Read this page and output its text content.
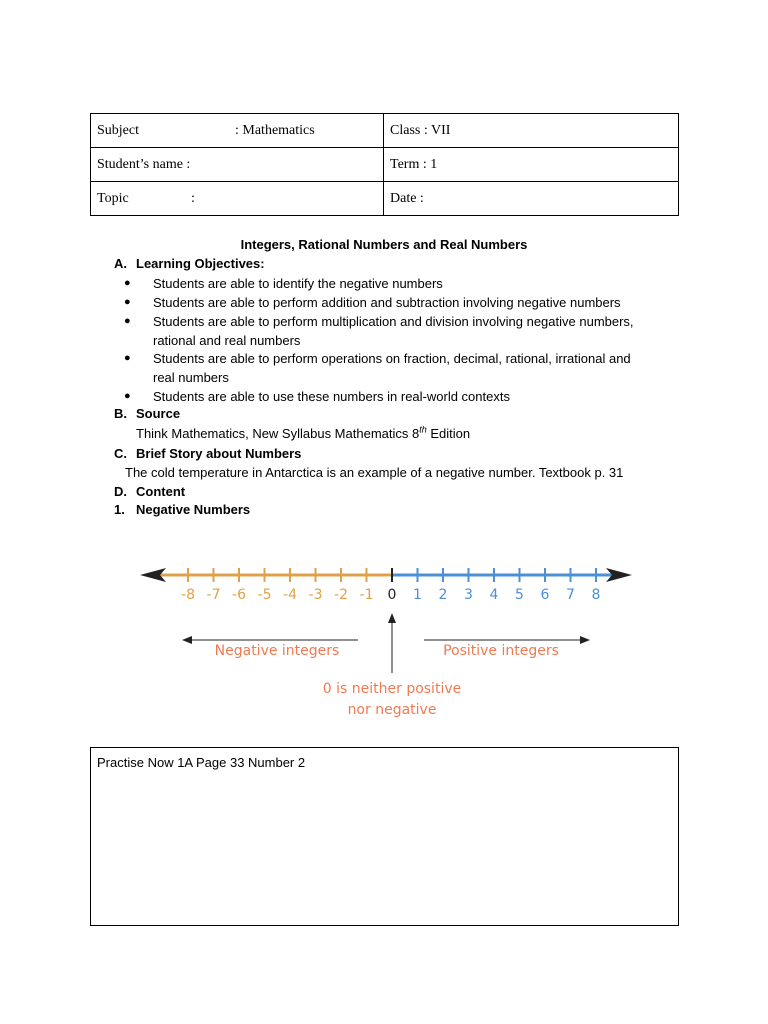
Subject : Mathematics	Class : VII
Student’s name :	Term : 1
Topic :	Date :
Integers, Rational Numbers and Real Numbers
A. Learning Objectives:
● Students are able to identify the negative numbers
● Students are able to perform addition and subtraction involving negative numbers
● Students are able to perform multiplication and division involving negative numbers,
rational and real numbers
● Students are able to perform operations on fraction, decimal, rational, irrational and
real numbers
● Students are able to use these numbers in real-world contexts
B. Source
Think Mathematics, New Syllabus Mathematics 8th Edition
C. Brief Story about Numbers
The cold temperature in Antarctica is an example of a negative number. Textbook p. 31
D. Content
1. Negative Numbers
-8 -7 -6 -5 -4 -3 -2 -1 0 1 2 3 4 5 6 7 8
Negative integers	Positive integers
0 is neither positive
nor negative
Practise Now 1A Page 33 Number 2
